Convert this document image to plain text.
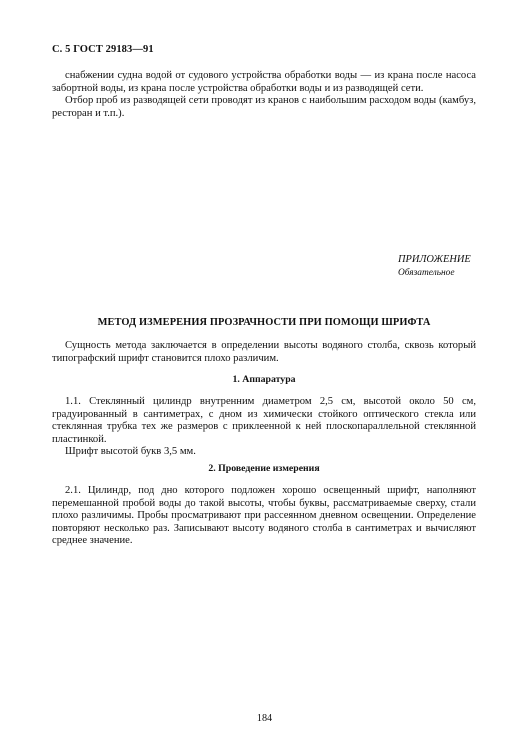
С. 5 ГОСТ 29183—91

снабжении судна водой от судового устройства обработки воды — из крана после насоса забортной воды, из крана после устройства обработки воды и из разводящей сети.

Отбор проб из разводящей сети проводят из кранов с наибольшим расходом воды (камбуз, ресторан и т.п.).

ПРИЛОЖЕНИЕ
Обязательное
МЕТОД ИЗМЕРЕНИЯ ПРОЗРАЧНОСТИ ПРИ ПОМОЩИ ШРИФТА

Сущность метода заключается в определении высоты водяного столба, сквозь который типографский шрифт становится плохо различим.

1. Аппаратура

1.1. Стеклянный цилиндр внутренним диаметром 2,5 см, высотой около 50 см, градуированный в сантиметрах, с дном из химически стойкого оптического стекла или стеклянная трубка тех же размеров с приклеенной к ней плоскопараллельной стеклянной пластинкой.

Шрифт высотой букв 3,5 мм.

2. Проведение измерения

2.1. Цилиндр, под дно которого подложен хорошо освещенный шрифт, наполняют перемешанной пробой воды до такой высоты, чтобы буквы, рассматриваемые сверху, стали плохо различимы. Пробы просматривают при рассеянном дневном освещении. Определение повторяют несколько раз. Записывают высоту водяного столба в сантиметрах и вычисляют среднее значение.

184
